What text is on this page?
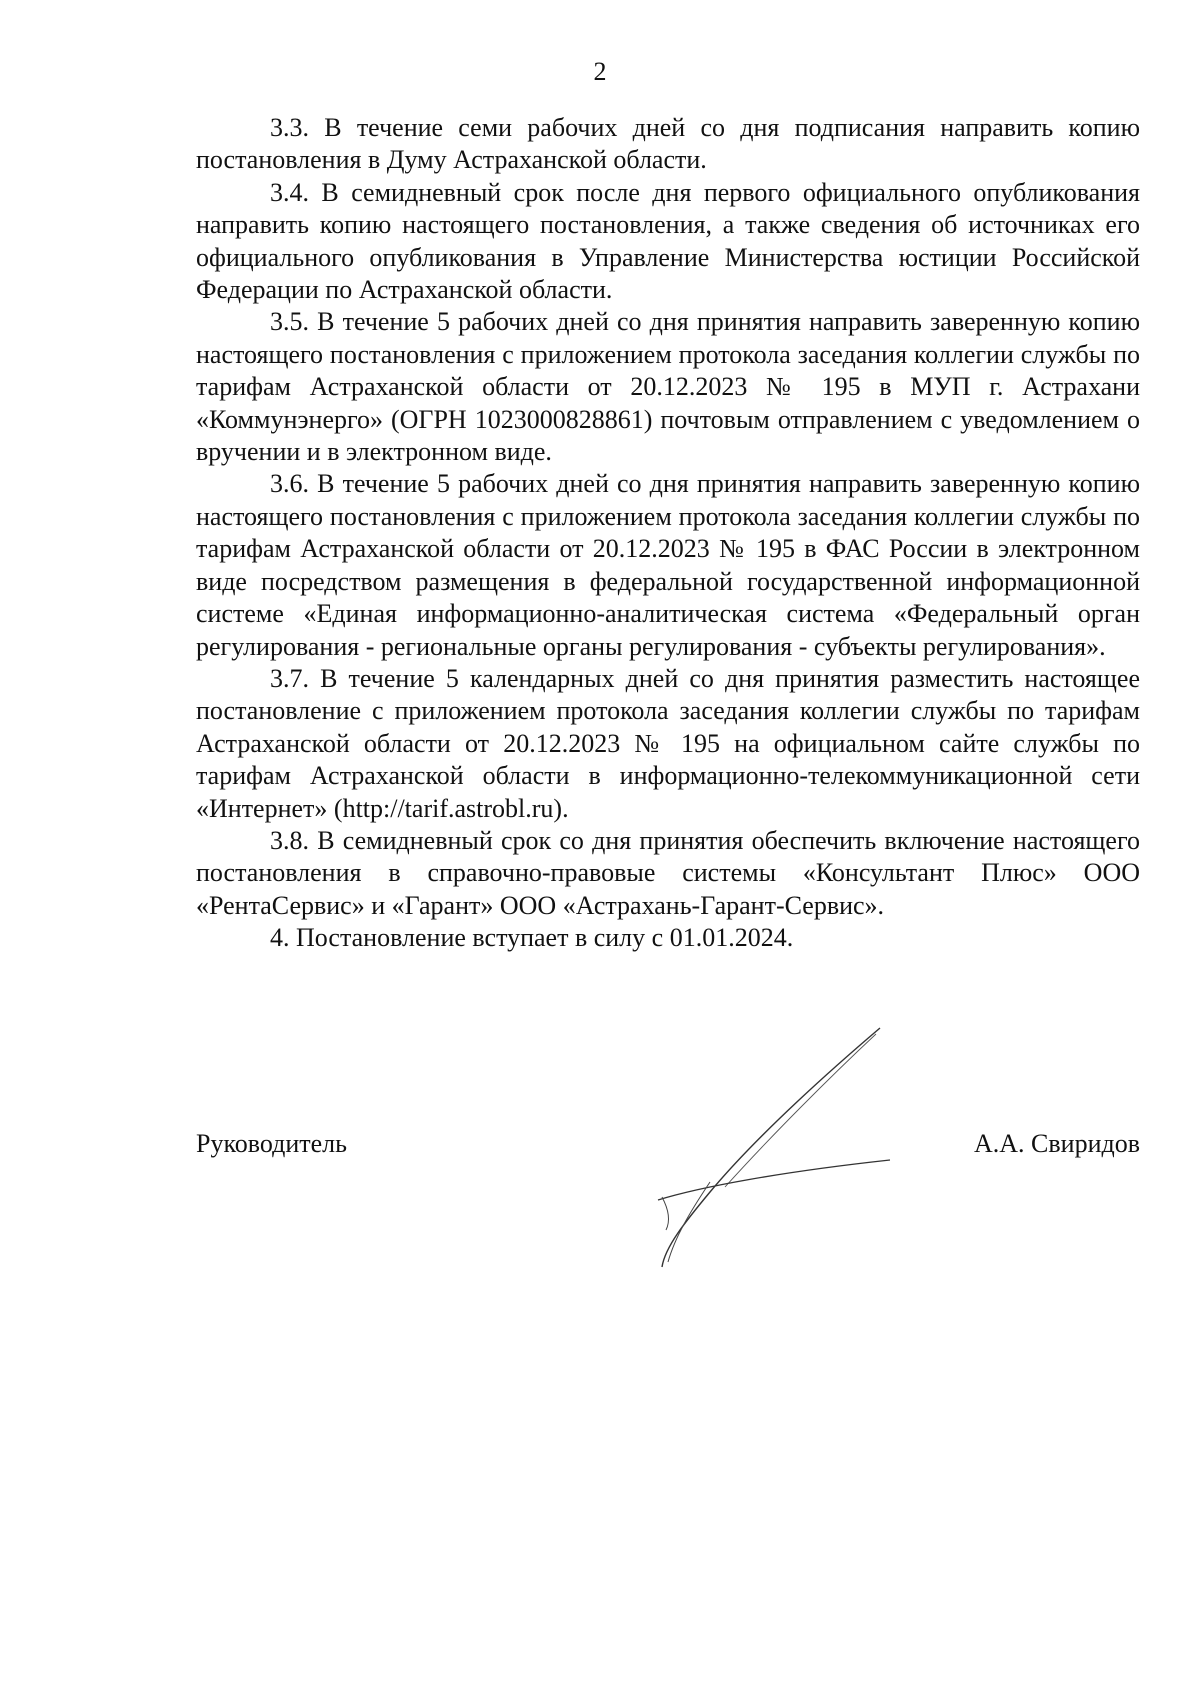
2

3.3. В течение семи рабочих дней со дня подписания направить копию постановления в Думу Астраханской области.

3.4. В семидневный срок после дня первого официального опубликования направить копию настоящего постановления, а также сведения об источниках его официального опубликования в Управление Министерства юстиции Российской Федерации по Астраханской области.

3.5. В течение 5 рабочих дней со дня принятия направить заверенную копию настоящего постановления с приложением протокола заседания коллегии службы по тарифам Астраханской области от 20.12.2023 № 195 в МУП г. Астрахани «Коммунэнерго» (ОГРН 1023000828861) почтовым отправлением с уведомлением о вручении и в электронном виде.

3.6. В течение 5 рабочих дней со дня принятия направить заверенную копию настоящего постановления с приложением протокола заседания коллегии службы по тарифам Астраханской области от 20.12.2023 № 195 в ФАС России в электронном виде посредством размещения в федеральной государственной информационной системе «Единая информационно-аналитическая система «Федеральный орган регулирования - региональные органы регулирования - субъекты регулирования».

3.7. В течение 5 календарных дней со дня принятия разместить настоящее постановление с приложением протокола заседания коллегии службы по тарифам Астраханской области от 20.12.2023 № 195 на официальном сайте службы по тарифам Астраханской области в информационно-телекоммуникационной сети «Интернет» (http://tarif.astrobl.ru).

3.8. В семидневный срок со дня принятия обеспечить включение настоящего постановления в справочно-правовые системы «Консультант Плюс» ООО «РентаСервис» и «Гарант» ООО «Астрахань-Гарант-Сервис».

4. Постановление вступает в силу с 01.01.2024.

Руководитель	А.А. Свиридов
